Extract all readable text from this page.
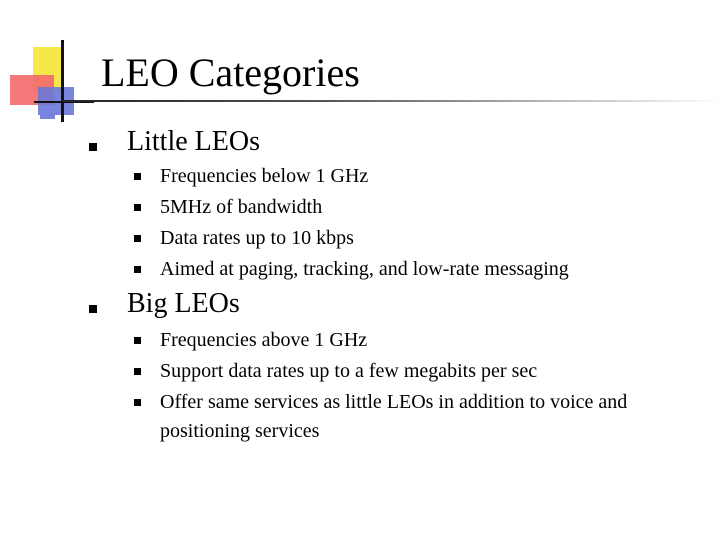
LEO Categories
Little LEOs
Frequencies below 1 GHz
5MHz of bandwidth
Data rates up to 10 kbps
Aimed at paging, tracking, and low-rate messaging
Big LEOs
Frequencies above 1 GHz
Support data rates up to a few megabits per sec
Offer same services as little LEOs in addition to voice and positioning services
